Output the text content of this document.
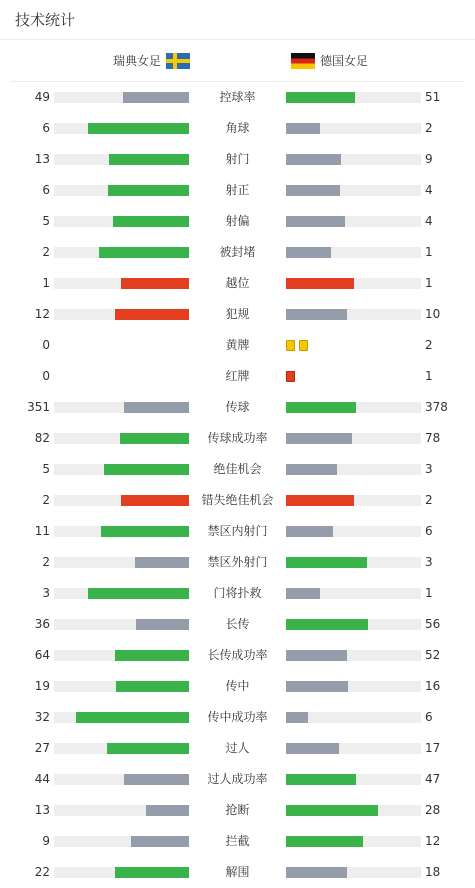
技术统计
瑞典女足	德国女足
49	控球率	51
6	角球	2
13	射门	9
6	射正	4
5	射偏	4
2	被封堵	1
1	越位	1
12	犯规	10
0	黄牌	2
0	红牌	1
351	传球	378
82	传球成功率	78
5	绝佳机会	3
2	错失绝佳机会	2
11	禁区内射门	6
2	禁区外射门	3
3	门将扑救	1
36	长传	56
64	长传成功率	52
19	传中	16
32	传中成功率	6
27	过人	17
44	过人成功率	47
13	抢断	28
9	拦截	12
22	解围	18
